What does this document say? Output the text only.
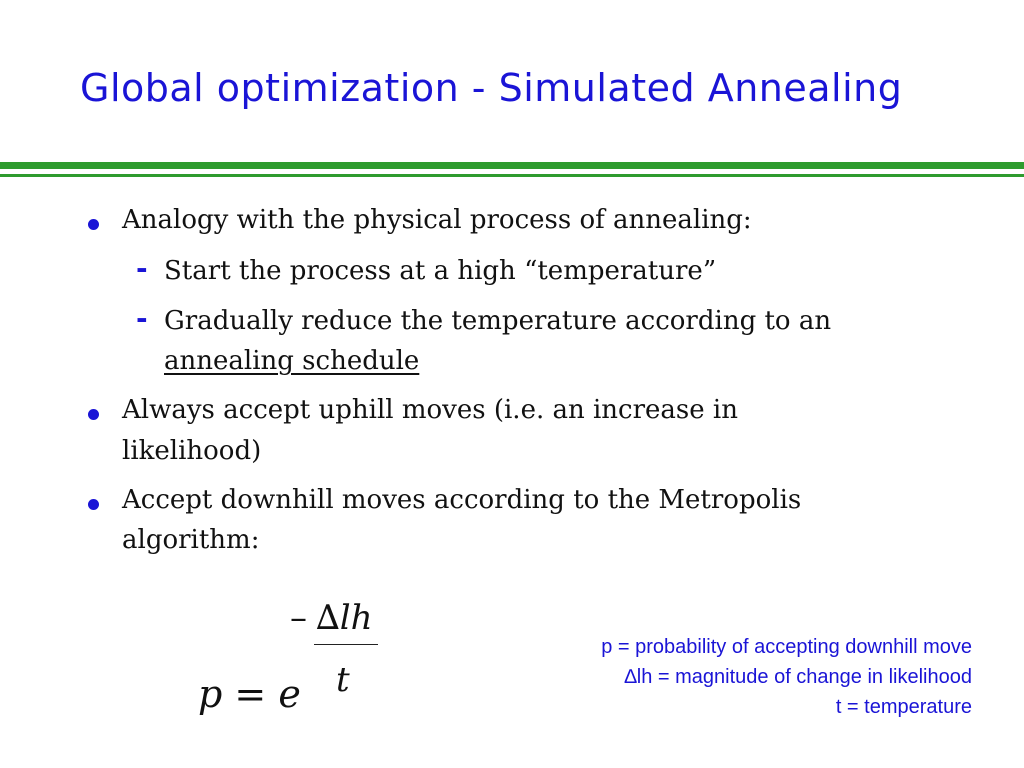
Global optimization - Simulated Annealing
Analogy with the physical process of annealing:
- Start the process at a high “temperature”
- Gradually reduce the temperature according to an
annealing schedule
Always accept uphill moves (i.e. an increase in
likelihood)
Accept downhill moves according to the Metropolis
algorithm:
p = e
– ∆lh
t
p = probability of accepting downhill move
∆lh = magnitude of change in likelihood
t = temperature
